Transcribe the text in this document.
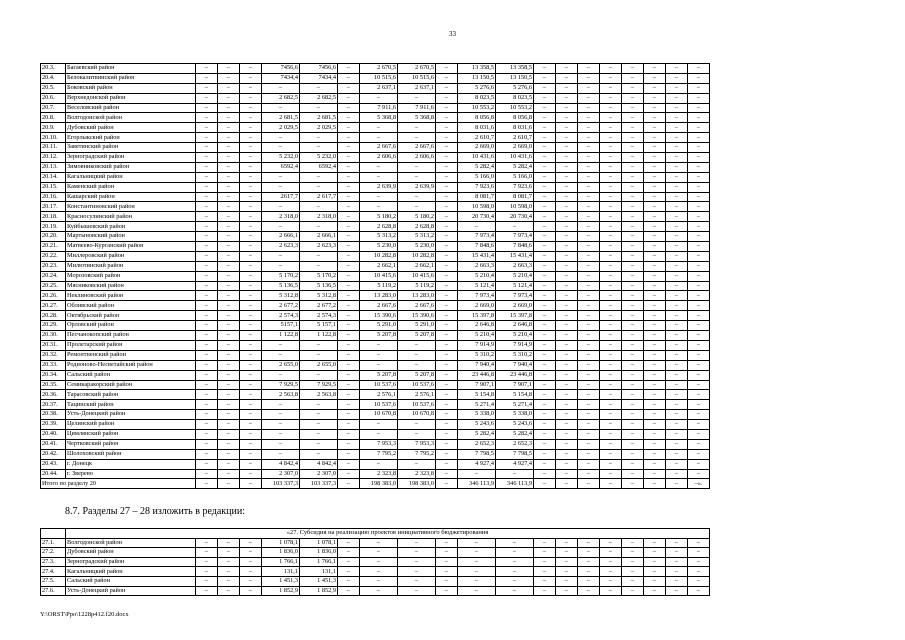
33
20.3.	Багаевский район	–	–	–	7456,6	7456,6	–	2 670,5	2 670,5	–	13 358,5	13 358,5	–	–	–	–	–	–	–	–
20.4.	Белокалитвинский район	–	–	–	7434,4	7434,4	–	10 515,6	10 515,6	–	13 150,5	13 150,5	–	–	–	–	–	–	–	–
20.5.	Боковский район	–	–	–	–	–	–	2 637,1	2 637,1	–	5 276,6	5 276,6	–	–	–	–	–	–	–	–
20.6.	Верхнедонской район	–	–	–	2 682,5	2 682,5	–	–	–	–	8 023,5	8 023,5	–	–	–	–	–	–	–	–
20.7.	Веселовский район	–	–	–	–	–	–	7 911,6	7 911,6	–	10 553,2	10 553,2	–	–	–	–	–	–	–	–
20.8.	Волгодонской район	–	–	–	2 681,5	2 681,5	–	5 368,8	5 368,8	–	8 056,8	8 056,8	–	–	–	–	–	–	–	–
20.9.	Дубовский район	–	–	–	2 029,5	2 029,5	–	–	–	–	8 031,6	8 031,6	–	–	–	–	–	–	–	–
20.10.	Егорлыкский район	–	–	–	–	–	–	–	–	–	2 610,7	2 610,7	–	–	–	–	–	–	–	–
20.11.	Заветинский район	–	–	–	–	–	–	2 667,6	2 667,6	–	2 669,0	2 669,0	–	–	–	–	–	–	–	–
20.12.	Зерноградский район	–	–	–	5 232,0	5 232,0	–	2 606,6	2 606,6	–	10 431,6	10 431,6	–	–	–	–	–	–	–	–
20.13.	Зимовниковский район	–	–	–	6592,4	6592,4	–	–	–	–	5 282,4	5 282,4	–	–	–	–	–	–	–	–
20.14.	Кагальницкий район	–	–	–	–	–	–	–	–	–	5 166,0	5 166,0	–	–	–	–	–	–	–	–
20.15.	Каменский район	–	–	–	–	–	–	2 639,9	2 639,9	–	7 923,6	7 923,6	–	–	–	–	–	–	–	–
20.16.	Кашарский район	–	–	–	2617,7	2 617,7	–	–	–	–	8 081,7	8 081,7	–	–	–	–	–	–	–	–
20.17.	Константиновский район	–	–	–	–	–	–	–	–	–	10 598,0	10 598,0	–	–	–	–	–	–	–	–
20.18.	Красносулинский район	–	–	–	2 318,0	2 318,0	–	5 180,2	5 180,2	–	20 730,4	20 730,4	–	–	–	–	–	–	–	–
20.19.	Куйбышевский район	–	–	–	–	–	–	2 628,8	2 628,8	–	–	–	–	–	–	–	–	–	–	–
20.20.	Мартыновский район	–	–	–	2 666,1	2 666,1	–	5 313,2	5 313,2	–	7 973,4	7 973,4	–	–	–	–	–	–	–	–
20.21.	Матвеево-Курганский район	–	–	–	2 623,3	2 623,3	–	5 230,0	5 230,0	–	7 848,6	7 848,6	–	–	–	–	–	–	–	–
20.22.	Миллеровский район	–	–	–	–	–	–	10 282,8	10 282,8	–	15 431,4	15 431,4	–	–	–	–	–	–	–	–
20.23.	Милютинский район	–	–	–	–	–	–	2 662,1	2 662,1	–	2 663,3	2 663,3	–	–	–	–	–	–	–	–
20.24.	Морозовский район	–	–	–	5 170,2	5 170,2	–	10 415,6	10 415,6	–	5 210,4	5 210,4	–	–	–	–	–	–	–	–
20.25.	Мясниковский район	–	–	–	5 136,5	5 136,5	–	5 119,2	5 119,2	–	5 121,4	5 121,4	–	–	–	–	–	–	–	–
20.26.	Неклиновский район	–	–	–	5 312,8	5 312,8	–	13 283,0	13 283,0	–	7 973,4	7 973,4	–	–	–	–	–	–	–	–
20.27.	Обливский район	–	–	–	2 677,2	2 677,2	–	2 667,6	2 667,6	–	2 669,0	2 669,0	–	–	–	–	–	–	–	–
20.28.	Октябрьский район	–	–	–	2 574,3	2 574,3	–	15 390,6	15 390,6	–	15 397,8	15 397,8	–	–	–	–	–	–	–	–
20.29.	Орловский район	–	–	–	5157,1	5 157,1	–	5 291,0	5 291,0	–	2 646,8	2 646,8	–	–	–	–	–	–	–	–
20.30.	Песчанокопский район	–	–	–	1 122,8	1 122,8	–	5 207,8	5 207,8	–	5 210,4	5 210,4	–	–	–	–	–	–	–	–
20.31.	Пролетарский район	–	–	–	–	–	–	–	–	–	7 914,9	7 914,9	–	–	–	–	–	–	–	–
20.32.	Ремонтненский район	–	–	–	–	–	–	–	–	–	5 310,2	5 310,2	–	–	–	–	–	–	–	–
20.33.	Родионово-Несветайский район	–	–	–	2 655,0	2 655,0	–	–	–	–	7 940,4	7 940,4	–	–	–	–	–	–	–	–
20.34.	Сальский район	–	–	–	–	–	–	5 207,8	5 207,8	–	23 446,8	23 446,8	–	–	–	–	–	–	–	–
20.35.	Семикаракорский район	–	–	–	7 929,5	7 929,5	–	10 537,6	10 537,6	–	7 907,1	7 907,1	–	–	–	–	–	–	–	–
20.36.	Тарасовский район	–	–	–	2 563,8	2 563,8	–	2 576,1	2 576,1	–	5 154,8	5 154,8	–	–	–	–	–	–	–	–
20.37.	Тацинский район	–	–	–	–	–	–	10 537,6	10 537,6	–	5 271,4	5 271,4	–	–	–	–	–	–	–	–
20.38.	Усть-Донецкий район	–	–	–	–	–	–	10 670,8	10 670,8	–	5 338,0	5 338,0	–	–	–	–	–	–	–	–
20.39.	Целинский район	–	–	–	–	–	–	–	–	–	5 243,6	5 243,6	–	–	–	–	–	–	–	–
20.40.	Цимлянский район	–	–	–	–	–	–	–	–	–	5 282,4	5 282,4	–	–	–	–	–	–	–	–
20.41.	Чертковский район	–	–	–	–	–	–	7 953,3	7 953,3	–	2 652,3	2 652,3	–	–	–	–	–	–	–	–
20.42.	Шолоховский район	–	–	–	–	–	–	7 795,2	7 795,2	–	7 798,5	7 798,5	–	–	–	–	–	–	–	–
20.43.	г. Донецк	–	–	–	4 842,4	4 842,4	–	–	–	–	4 927,4	4 927,4	–	–	–	–	–	–	–	–
20.44.	г. Зверево	–	–	–	2 307,0	2 307,0	–	2 323,8	2 323,8	–	–	–	–	–	–	–	–	–	–	–
Итого по разделу 20		–	–	–	103 337,3	103 337,3	–	198 383,0	198 383,0	–	346 113,9	346 113,9	–	–	–	–	–	–	–	–».
8.7. Разделы 27 – 28 изложить в редакции:
	«27. Субсидия на реализацию проектов инициативного бюджетирования																			
27.1.	Волгодонской район	–	–	–	1 078,1	1 078,1	–	–	–	–	–	–	–	–	–	–	–	–	–	–
27.2.	Дубовский район	–	–	–	1 836,0	1 836,0	–	–	–	–	–	–	–	–	–	–	–	–	–	–
27.3.	Зерноградский район	–	–	–	1 766,1	1 766,1	–	–	–	–	–	–	–	–	–	–	–	–	–	–
27.4.	Кагальницкий район	–	–	–	131,1	131,1	–	–	–	–	–	–	–	–	–	–	–	–	–	–
27.5.	Сальский район	–	–	–	1 451,3	1 451,3	–	–	–	–	–	–	–	–	–	–	–	–	–	–
27.6.	Усть-Донецкий район	–	–	–	1 852,9	1 852,9	–	–	–	–	–	–	–	–	–	–	–	–	–	–
Y:\ORST\Ppo\1228p412.f20.docx
